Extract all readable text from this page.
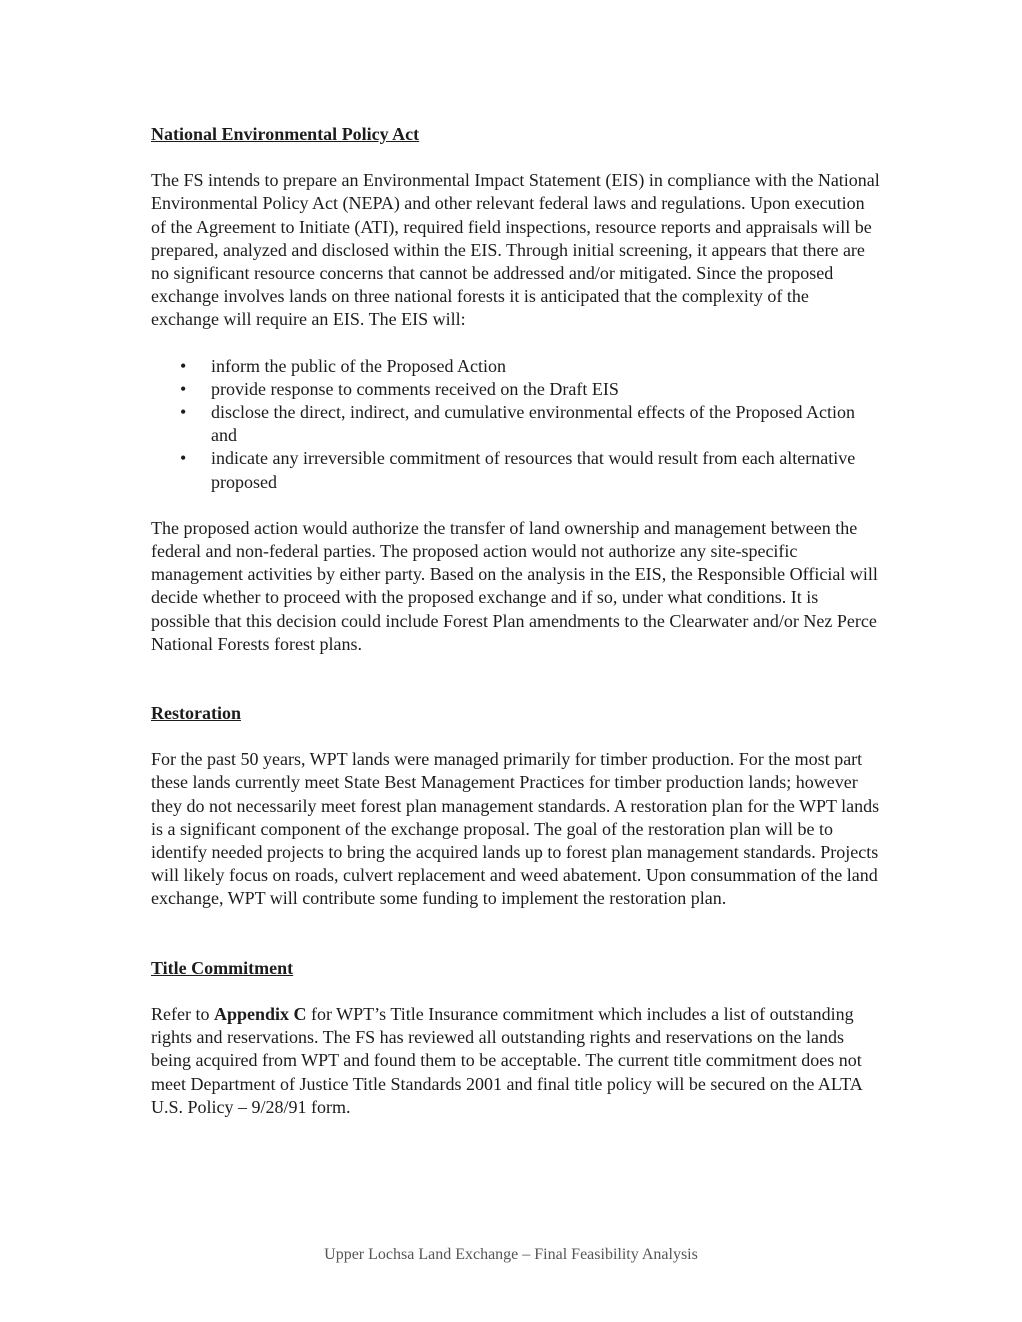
National Environmental Policy Act

The FS intends to prepare an Environmental Impact Statement (EIS) in compliance with the National Environmental Policy Act (NEPA) and other relevant federal laws and regulations. Upon execution of the Agreement to Initiate (ATI), required field inspections, resource reports and appraisals will be prepared, analyzed and disclosed within the EIS. Through initial screening, it appears that there are no significant resource concerns that cannot be addressed and/or mitigated. Since the proposed exchange involves lands on three national forests it is anticipated that the complexity of the exchange will require an EIS. The EIS will:

• inform the public of the Proposed Action
• provide response to comments received on the Draft EIS
• disclose the direct, indirect, and cumulative environmental effects of the Proposed Action and
• indicate any irreversible commitment of resources that would result from each alternative proposed

The proposed action would authorize the transfer of land ownership and management between the federal and non-federal parties. The proposed action would not authorize any site-specific management activities by either party. Based on the analysis in the EIS, the Responsible Official will decide whether to proceed with the proposed exchange and if so, under what conditions. It is possible that this decision could include Forest Plan amendments to the Clearwater and/or Nez Perce National Forests forest plans.

Restoration

For the past 50 years, WPT lands were managed primarily for timber production. For the most part these lands currently meet State Best Management Practices for timber production lands; however they do not necessarily meet forest plan management standards. A restoration plan for the WPT lands is a significant component of the exchange proposal. The goal of the restoration plan will be to identify needed projects to bring the acquired lands up to forest plan management standards. Projects will likely focus on roads, culvert replacement and weed abatement. Upon consummation of the land exchange, WPT will contribute some funding to implement the restoration plan.

Title Commitment

Refer to Appendix C for WPT’s Title Insurance commitment which includes a list of outstanding rights and reservations. The FS has reviewed all outstanding rights and reservations on the lands being acquired from WPT and found them to be acceptable. The current title commitment does not meet Department of Justice Title Standards 2001 and final title policy will be secured on the ALTA U.S. Policy – 9/28/91 form.

Upper Lochsa Land Exchange – Final Feasibility Analysis
